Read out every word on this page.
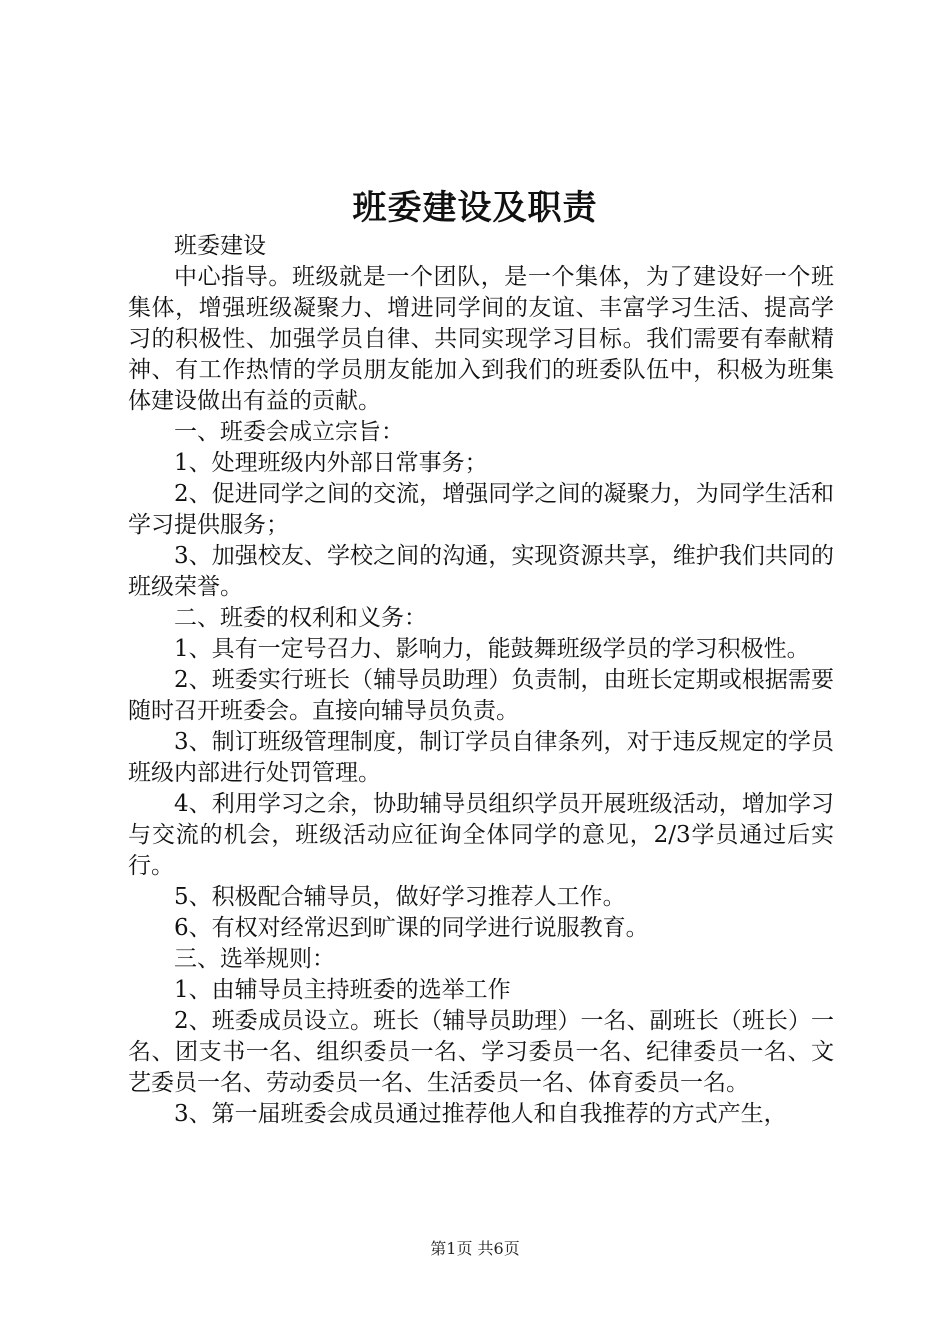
班委建设及职责

班委建设

中心指导。班级就是一个团队，是一个集体，为了建设好一个班集体，增强班级凝聚力、增进同学间的友谊、丰富学习生活、提高学习的积极性、加强学员自律、共同实现学习目标。我们需要有奉献精神、有工作热情的学员朋友能加入到我们的班委队伍中，积极为班集体建设做出有益的贡献。

一、班委会成立宗旨：

1、处理班级内外部日常事务；

2、促进同学之间的交流，增强同学之间的凝聚力，为同学生活和学习提供服务；

3、加强校友、学校之间的沟通，实现资源共享，维护我们共同的班级荣誉。

二、班委的权利和义务：

1、具有一定号召力、影响力，能鼓舞班级学员的学习积极性。

2、班委实行班长（辅导员助理）负责制，由班长定期或根据需要随时召开班委会。直接向辅导员负责。

3、制订班级管理制度，制订学员自律条列，对于违反规定的学员班级内部进行处罚管理。

4、利用学习之余，协助辅导员组织学员开展班级活动，增加学习与交流的机会，班级活动应征询全体同学的意见，2/3学员通过后实行。

5、积极配合辅导员，做好学习推荐人工作。

6、有权对经常迟到旷课的同学进行说服教育。

三、选举规则：

1、由辅导员主持班委的选举工作

2、班委成员设立。班长（辅导员助理）一名、副班长（班长）一名、团支书一名、组织委员一名、学习委员一名、纪律委员一名、文艺委员一名、劳动委员一名、生活委员一名、体育委员一名。

3、第一届班委会成员通过推荐他人和自我推荐的方式产生，

第1页 共6页
